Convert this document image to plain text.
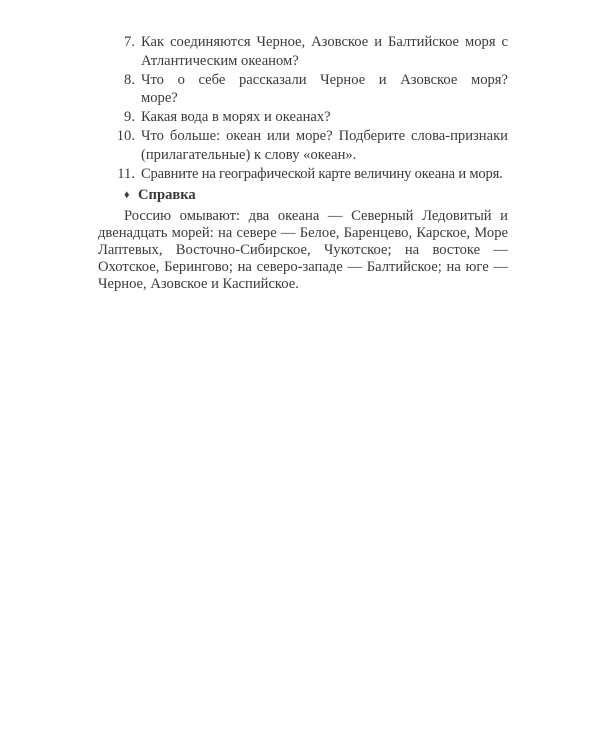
7. Как соединяются Черное, Азовское и Балтийское моря с
Атлантическим океаном?
8. Что о себе рассказали Черное и Азовское моря?
море?
9. Какая вода в морях и океанах?
10. Что больше: океан или море? Подберите слова-признаки
(прилагательные) к слову «океан».
11. Сравните на географической карте величину океана и моря.
♦ Справка
Россию омывают: два океана — Северный Ледовитый и
двенадцать морей: на севере — Белое, Баренцево, Карское, Море
Лаптевых, Восточно-Сибирское, Чукотское; на востоке —
Охотское, Берингово; на северо-западе — Балтийское; на юге —
Черное, Азовское и Каспийское.
